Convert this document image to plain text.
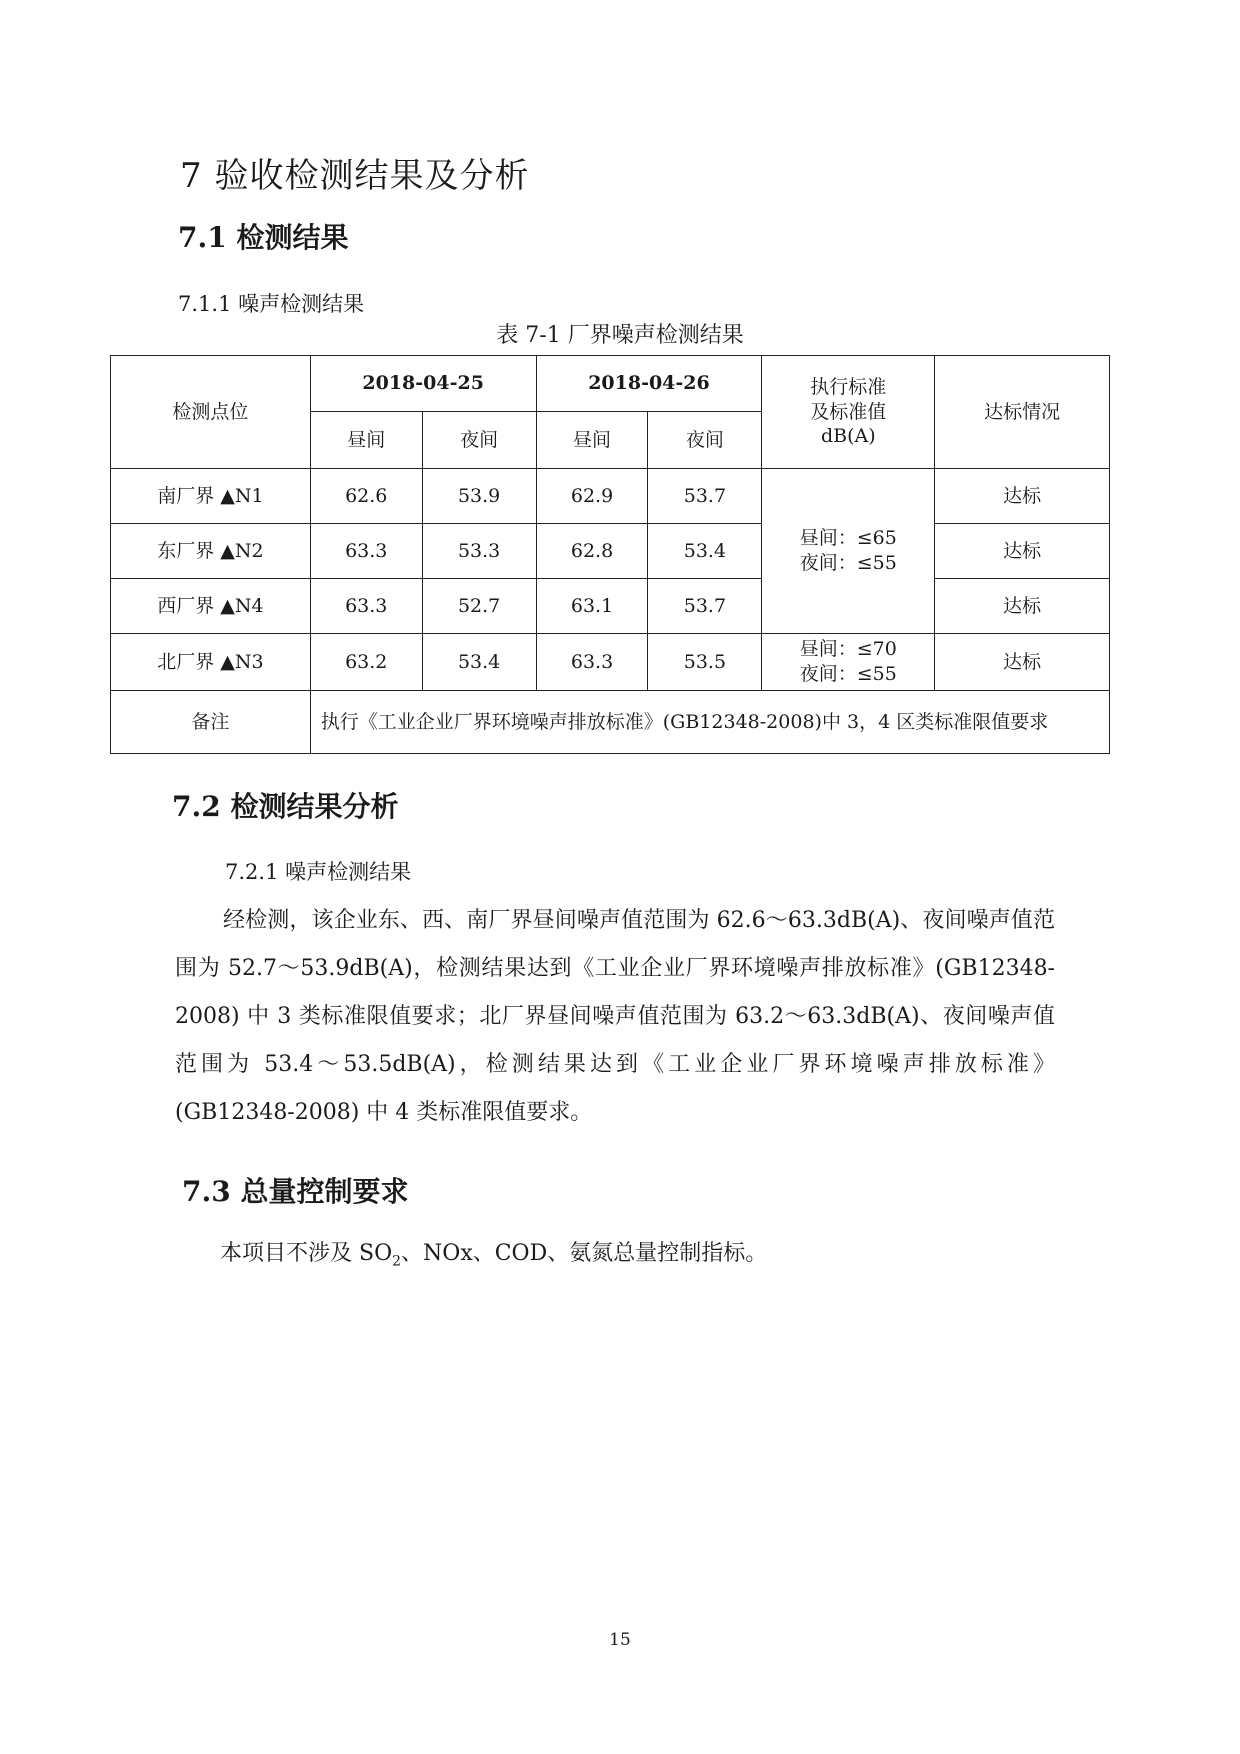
7 验收检测结果及分析
7.1 检测结果
7.1.1 噪声检测结果
表 7-1 厂界噪声检测结果
检测点位	2018-04-25		2018-04-26		执行标准
及标准值
dB(A)	达标情况
	昼间	夜间	昼间	夜间		
南厂界 ▲N1	62.6	53.9	62.9	53.7	昼间：≤65
夜间：≤55	达标
东厂界 ▲N2	63.3	53.3	62.8	53.4		达标
西厂界 ▲N4	63.3	52.7	63.1	53.7		达标
北厂界 ▲N3	63.2	53.4	63.3	53.5	昼间：≤70
夜间：≤55	达标
备注	执行《工业企业厂界环境噪声排放标准》(GB12348-2008)中 3，4 区类标准限值要求					
7.2 检测结果分析
7.2.1 噪声检测结果
经检测，该企业东、西、南厂界昼间噪声值范围为 62.6～63.3dB(A)、夜间噪声值范围为 52.7～53.9dB(A)，检测结果达到《工业企业厂界环境噪声排放标准》(GB12348-2008) 中 3 类标准限值要求；北厂界昼间噪声值范围为 63.2～63.3dB(A)、夜间噪声值范围为 53.4～53.5dB(A)，检测结果达到《工业企业厂界环境噪声排放标准》(GB12348-2008) 中 4 类标准限值要求。
7.3 总量控制要求
本项目不涉及 $SO_2$、NOx、COD、氨氮总量控制指标。
15
